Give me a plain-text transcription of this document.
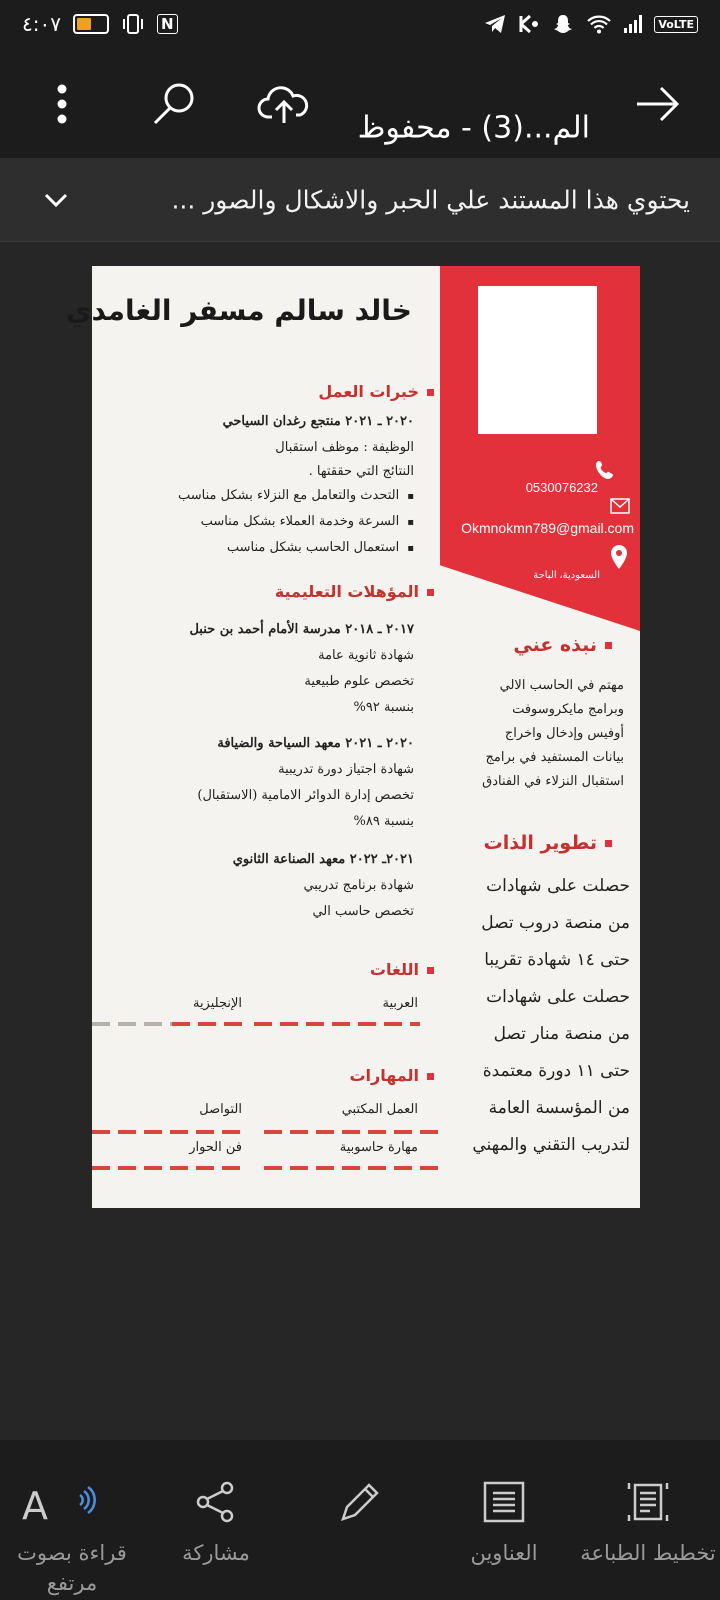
٤:٠٧	N	VoLTE
الم...(3) - محفوظ
يحتوي هذا المستند علي الحبر والاشكال والصور ...
0530076232
Okmnokmn789@gmail.com
السعودية، الباحة
خالد سالم مسفر الغامدي
خبرات العمل
٢٠٢٠ ـ ٢٠٢١ منتجع رغدان السياحي
الوظيفة : موظف استقبال
النتائج التي حققتها .
▪ التحدث والتعامل مع النزلاء بشكل مناسب
▪ السرعة وخدمة العملاء بشكل مناسب
▪ استعمال الحاسب بشكل مناسب
المؤهلات التعليمية
٢٠١٧ ـ ٢٠١٨ مدرسة الأمام أحمد بن حنبل
شهادة ثانوية عامة
تخصص علوم طبيعية
بنسبة ٩٢%
٢٠٢٠ ـ ٢٠٢١ معهد السياحة والضيافة
شهادة اجتياز دورة تدريبية
تخصص إدارة الدوائر الامامية (الاستقبال)
بنسبة ٨٩%
٢٠٢١ـ ٢٠٢٢ معهد الصناعة الثانوي
شهادة برنامج تدريبي
تخصص حاسب الي
اللغات
العربية
الإنجليزية
المهارات
العمل المكتبي
التواصل
مهارة حاسوبية
فن الحوار
نبذه عني
مهتم في الحاسب الالي
وبرامج مايكروسوفت
أوفيس وإدخال واخراج
بيانات المستفيد في برامج
استقبال النزلاء في الفنادق
تطوير الذات
حصلت على شهادات
من منصة دروب تصل
حتى ١٤ شهادة تقريبا
حصلت على شهادات
من منصة منار تصل
حتى ١١ دورة معتمدة
من المؤسسة العامة
لتدريب التقني والمهني
تخطيط الطباعة
العناوين
مشاركة
A
قراءة بصوت مرتفع
